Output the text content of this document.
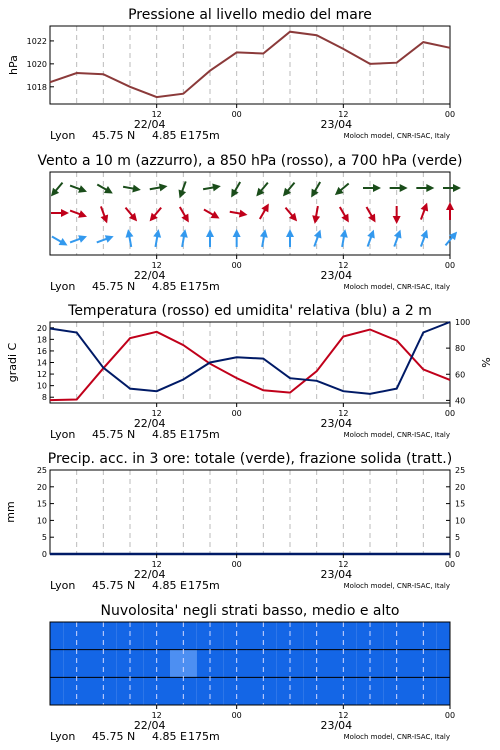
Pressione al livello medio del mare
1018
1020
1022
hPa
12	00	12	00
22/04	23/04
Lyon 45.75 N 4.85 E 175m	Moloch model, CNR-ISAC, Italy
Vento a 10 m (azzurro), a 850 hPa (rosso), a 700 hPa (verde)
12	00	12	00
22/04	23/04
Lyon 45.75 N 4.85 E 175m	Moloch model, CNR-ISAC, Italy
Temperatura (rosso) ed umidita' relativa (blu) a 2 m
8
10
12
14
16
18
20
40
60
80
100
gradi C	%
12	00	12	00
22/04	23/04
Lyon 45.75 N 4.85 E 175m	Moloch model, CNR-ISAC, Italy
Precip. acc. in 3 ore: totale (verde), frazione solida (tratt.)
0
5
10
15
20
25
0
5
10
15
20
25
mm
12	00	12	00
22/04	23/04
Lyon 45.75 N 4.85 E 175m	Moloch model, CNR-ISAC, Italy
Nuvolosita' negli strati basso, medio e alto
12	00	12	00
22/04	23/04
Lyon 45.75 N 4.85 E 175m	Moloch model, CNR-ISAC, Italy
